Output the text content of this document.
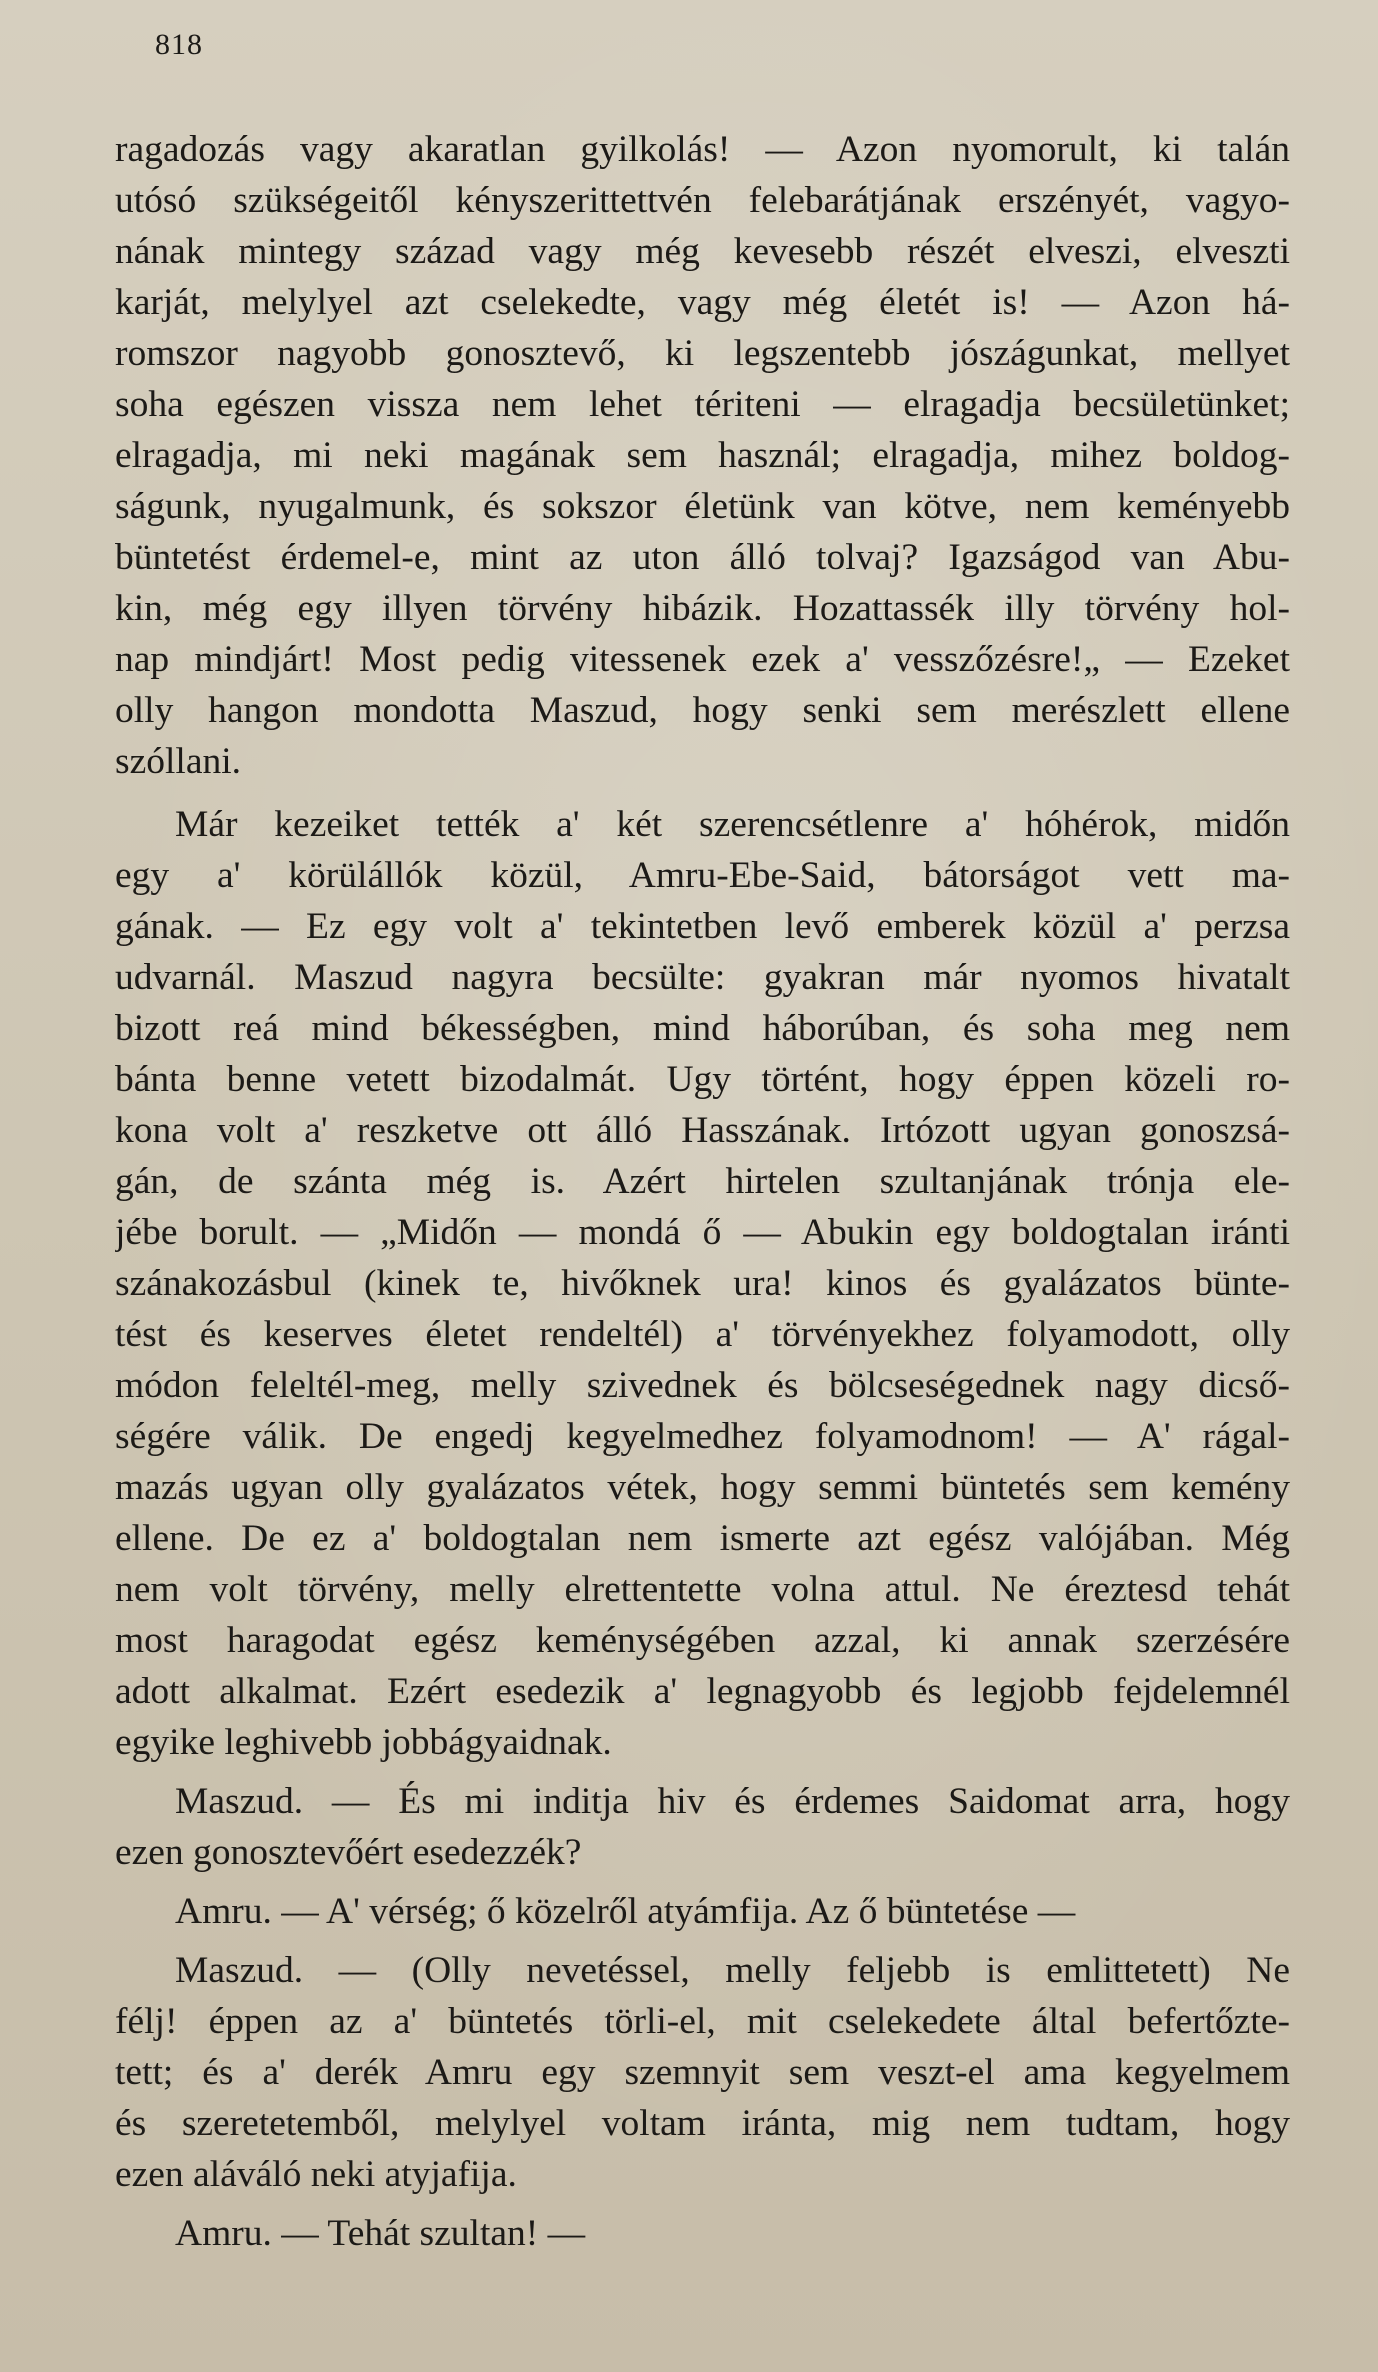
818
ragadozás vagy akaratlan gyilkolás! — Azon nyomorult, ki talán
utósó szükségeitől kényszerittettvén felebarátjának erszényét, vagyo-
nának mintegy század vagy még kevesebb részét elveszi, elveszti
karját, melylyel azt cselekedte, vagy még életét is! — Azon há-
romszor nagyobb gonosztevő, ki legszentebb jószágunkat, mellyet
soha egészen vissza nem lehet tériteni — elragadja becsületünket;
elragadja, mi neki magának sem használ; elragadja, mihez boldog-
ságunk, nyugalmunk, és sokszor életünk van kötve, nem keményebb
büntetést érdemel-e, mint az uton álló tolvaj? Igazságod van Abu-
kin, még egy illyen törvény hibázik. Hozattassék illy törvény hol-
nap mindjárt! Most pedig vitessenek ezek a' vesszőzésre!„ — Ezeket
olly hangon mondotta Maszud, hogy senki sem merészlett ellene
szóllani.
Már kezeiket tették a' két szerencsétlenre a' hóhérok, midőn
egy a' körülállók közül, Amru-Ebe-Said, bátorságot vett ma-
gának. — Ez egy volt a' tekintetben levő emberek közül a' perzsa
udvarnál. Maszud nagyra becsülte: gyakran már nyomos hivatalt
bizott reá mind békességben, mind háborúban, és soha meg nem
bánta benne vetett bizodalmát. Ugy történt, hogy éppen közeli ro-
kona volt a' reszketve ott álló Hasszának. Irtózott ugyan gonoszsá-
gán, de szánta még is. Azért hirtelen szultanjának trónja ele-
jébe borult. — „Midőn — mondá ő — Abukin egy boldogtalan iránti
szánakozásbul (kinek te, hivőknek ura! kinos és gyalázatos bünte-
tést és keserves életet rendeltél) a' törvényekhez folyamodott, olly
módon feleltél-meg, melly szivednek és bölcseségednek nagy dicső-
ségére válik. De engedj kegyelmedhez folyamodnom! — A' rágal-
mazás ugyan olly gyalázatos vétek, hogy semmi büntetés sem kemény
ellene. De ez a' boldogtalan nem ismerte azt egész valójában. Még
nem volt törvény, melly elrettentette volna attul. Ne éreztesd tehát
most haragodat egész keménységében azzal, ki annak szerzésére
adott alkalmat. Ezért esedezik a' legnagyobb és legjobb fejdelemnél
egyike leghivebb jobbágyaidnak.
Maszud. — És mi inditja hiv és érdemes Saidomat arra, hogy
ezen gonosztevőért esedezzék?
Amru. — A' vérség; ő közelről atyámfija. Az ő büntetése —
Maszud. — (Olly nevetéssel, melly feljebb is emlittetett) Ne
félj! éppen az a' büntetés törli-el, mit cselekedete által befertőzte-
tett; és a' derék Amru egy szemnyit sem veszt-el ama kegyelmem
és szeretetemből, melylyel voltam iránta, mig nem tudtam, hogy
ezen aláváló neki atyjafija.
Amru. — Tehát szultan! —
